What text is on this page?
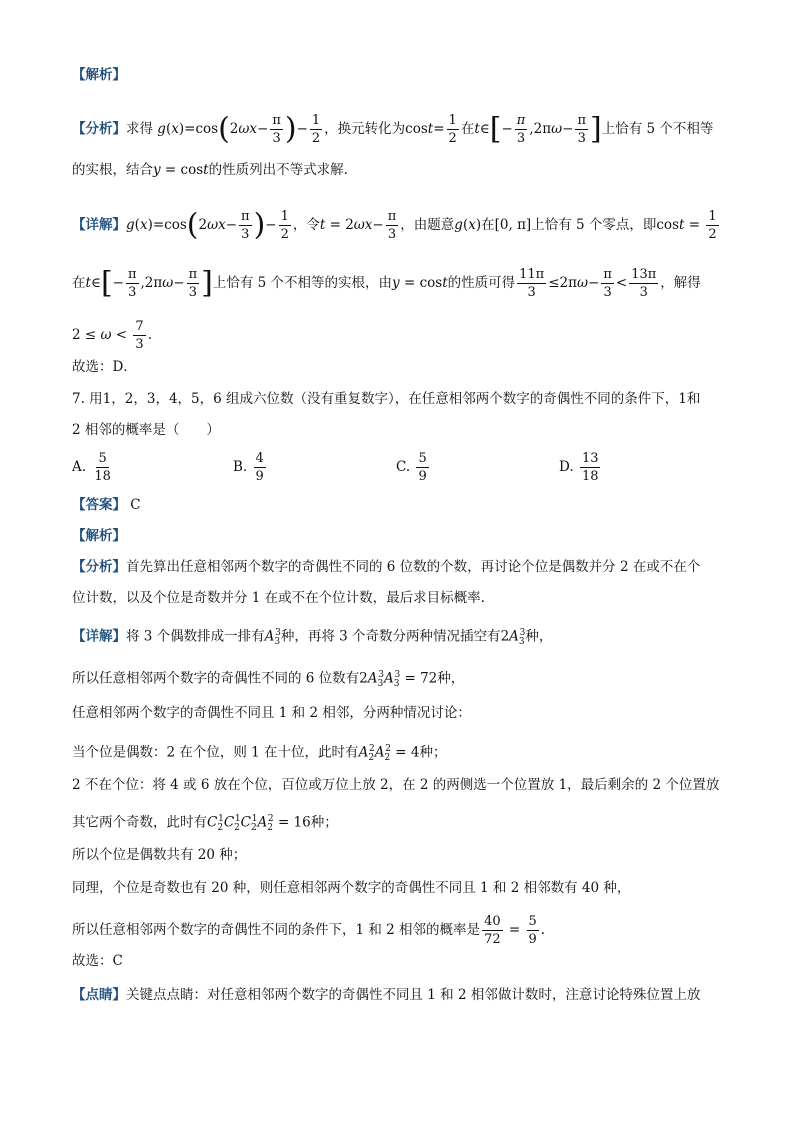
【解析】
【分析】求得 $g(x)=\cos(2\omega x- \frac{\pi}{3}$ )− $\frac{1}{2}$ ，换元转化为$\cos t= \frac{1}{2}$ 在t∈[− $\frac{\pi}{3} ,2\pi\omega- \frac{\pi}{3}$ ]上恰有 5 个不相等
的实根，结合y = cost的性质列出不等式求解.
【详解】$g(x)=\cos(2\omega x- \frac{\pi}{3}$ )− $\frac{1}{2}$ ，令$t = 2\omega x- \frac{\pi}{3}$ ，由题意g(x)在[0, π]上恰有 5 个零点，即$\cos t = \frac{1}{2}$
在t∈[− $\frac{\pi}{3} ,2\pi\omega- \frac{\pi}{3}$ ]上恰有 5 个不相等的实根，由y = cost的性质可得 $\frac{11\pi}{3} \le 2\pi\omega- \frac{\pi}{3} < \frac{13\pi}{3}$ ，解得
$2 \le \omega < \frac{7}{3}$ .
故选：D．
7. 用1，2，3，4，5，6 组成六位数（没有重复数字），在任意相邻两个数字的奇偶性不同的条件下，1和
2 相邻的概率是（　　）
A. $\frac{5}{18}$	B. $\frac{4}{9}$	C. $\frac{5}{9}$	D. $\frac{13}{18}$
【答案】 C
【解析】
【分析】首先算出任意相邻两个数字的奇偶性不同的 6 位数的个数，再讨论个位是偶数并分 2 在或不在个
位计数，以及个位是奇数并分 1 在或不在个位计数，最后求目标概率.
【详解】将 3 个偶数排成一排有$A_3^3$种，再将 3 个奇数分两种情况插空有$2A_3^3$种，
所以任意相邻两个数字的奇偶性不同的 6 位数有$2A_3^3A_3^3 = 72$种，
任意相邻两个数字的奇偶性不同且 1 和 2 相邻，分两种情况讨论：
当个位是偶数：2 在个位，则 1 在十位，此时有$A_2^2A_2^2 = 4$种；
2 不在个位：将 4 或 6 放在个位，百位或万位上放 2，在 2 的两侧选一个位置放 1，最后剩余的 2 个位置放
其它两个奇数，此时有$C_2^1C_2^1C_2^1A_2^2 = 16$种；
所以个位是偶数共有 20 种；
同理，个位是奇数也有 20 种，则任意相邻两个数字的奇偶性不同且 1 和 2 相邻数有 40 种，
所以任意相邻两个数字的奇偶性不同的条件下，1 和 2 相邻的概率是 $\frac{40}{72} = \frac{5}{9}$ .
故选：C
【点睛】关键点点睛：对任意相邻两个数字的奇偶性不同且 1 和 2 相邻做计数时，注意讨论特殊位置上放
